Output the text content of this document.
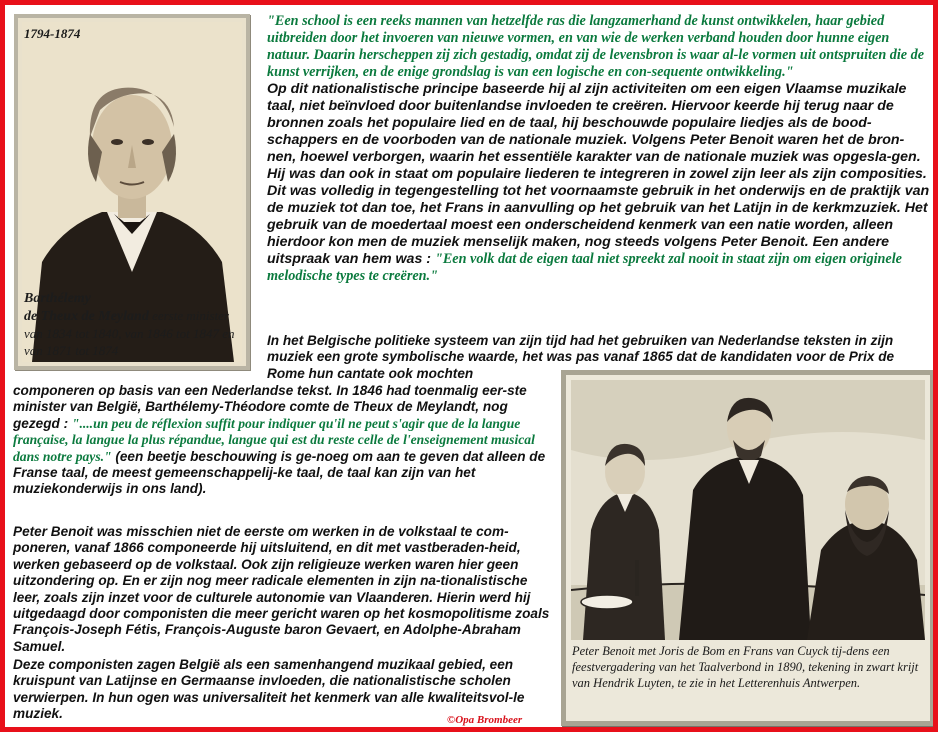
1794-1874
Barthélemy
de Theux de Meyland eerste minister van 1834 tot 1840, van 1846 tot 1847 en van 1871 tot 1874

"Een school is een reeks mannen van hetzelfde ras die langzamerhand de kunst ontwikkelen, haar gebied uitbreiden door het invoeren van nieuwe vormen, en van wie de werken verband houden door hunne eigen natuur. Daarin herscheppen zij zich gestadig, omdat zij de levensbron is waar al-le vormen uit ontspruiten die de kunst verrijken, en de enige grondslag is van een logische en con-sequente ontwikkeling."
Op dit nationalistische principe baseerde hij al zijn activiteiten om een eigen Vlaamse muzikale taal, niet beïnvloed door buitenlandse invloeden te creëren. Hiervoor keerde hij terug naar de bronnen zoals het populaire lied en de taal, hij beschouwde populaire liedjes als de bood-schappers en de voorboden van de nationale muziek. Volgens Peter Benoit waren het de bron-nen, hoewel verborgen, waarin het essentiële karakter van de nationale muziek was opgesla-gen. Hij was dan ook in staat om populaire liederen te integreren in zowel zijn leer als zijn composities. Dit was volledig in tegengestelling tot het voornaamste gebruik in het onderwijs en de praktijk van de muziek tot dan toe, het Frans in aanvulling op het gebruik van het Latijn in de kerkmzuziek. Het gebruik van de moedertaal moest een onderscheidend kenmerk van een natie worden, alleen hierdoor kon men de muziek menselijk maken, nog steeds volgens Peter Benoit. Een andere uitspraak van hem was : "Een volk dat de eigen taal niet spreekt zal nooit in staat zijn om eigen originele melodische types te creëren."

In het Belgische politieke systeem van zijn tijd had het gebruiken van Nederlandse teksten in zijn muziek een grote symbolische waarde, het was pas vanaf 1865 dat de kandidaten voor de Prix de Rome hun cantate ook mochten

componeren op basis van een Nederlandse tekst. In 1846 had toenmalig eer-ste minister van België, Barthélemy-Théodore comte de Theux de Meylandt, nog gezegd : "....un peu de réflexion suffit pour indiquer qu'il ne peut s'agir que de la langue française, la langue la plus répandue, langue qui est du reste celle de l'enseignement musical dans notre pays." (een beetje beschouwing is ge-noeg om aan te geven dat alleen de Franse taal, de meest gemeenschappelij-ke taal, de taal kan zijn van het muziekonderwijs in ons land).

Peter Benoit was misschien niet de eerste om werken in de volkstaal te com-poneren, vanaf 1866 componeerde hij uitsluitend, en dit met vastberaden-heid, werken gebaseerd op de volkstaal. Ook zijn religieuze werken waren hier geen uitzondering op. En er zijn nog meer radicale elementen in zijn na-tionalistische leer, zoals zijn inzet voor de culturele autonomie van Vlaanderen. Hierin werd hij uitgedaagd door componisten die meer gericht waren op het kosmopolitisme zoals François-Joseph Fétis, François-Auguste baron Gevaert, en Adolphe-Abraham Samuel.

Deze componisten zagen België als een samenhangend muzikaal gebied, een kruispunt van Latijnse en Germaanse invloeden, die nationalistische scholen verwierpen. In hun ogen was universaliteit het kenmerk van alle kwaliteitsvol-le muziek.	©Opa Brombeer
Peter Benoit met Joris de Bom en Frans van Cuyck tij-dens een feestvergadering van het Taalverbond in 1890, tekening in zwart krijt van Hendrik Luyten, te zie in het Letterenhuis Antwerpen.
